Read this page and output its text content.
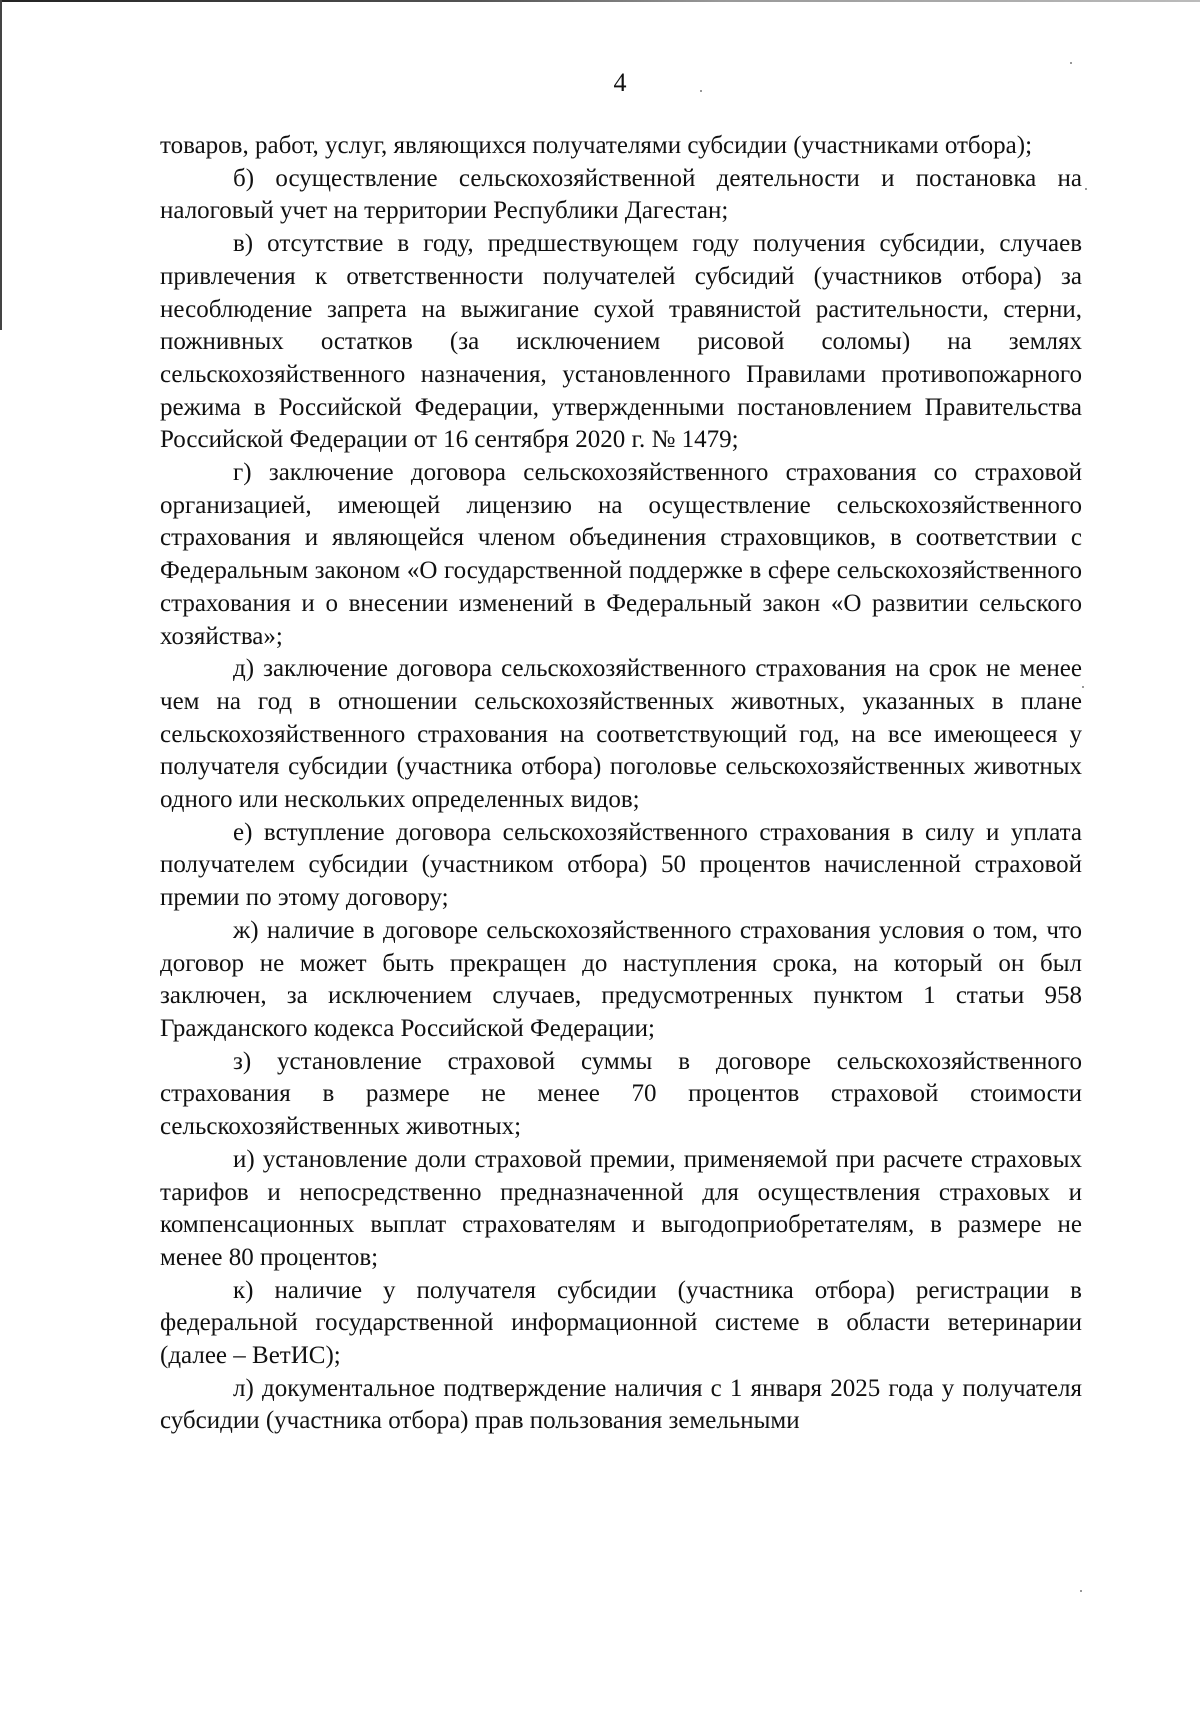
4

товаров, работ, услуг, являющихся получателями субсидии (участниками отбора);

б) осуществление сельскохозяйственной деятельности и постановка на налоговый учет на территории Республики Дагестан;

в) отсутствие в году, предшествующем году получения субсидии, случаев привлечения к ответственности получателей субсидий (участников отбора) за несоблюдение запрета на выжигание сухой травянистой растительности, стерни, пожнивных остатков (за исключением рисовой соломы) на землях сельскохозяйственного назначения, установленного Правилами противопожарного режима в Российской Федерации, утвержденными постановлением Правительства Российской Федерации от 16 сентября 2020 г. № 1479;

г) заключение договора сельскохозяйственного страхования со страховой организацией, имеющей лицензию на осуществление сельскохозяйственного страхования и являющейся членом объединения страховщиков, в соответствии с Федеральным законом «О государственной поддержке в сфере сельскохозяйственного страхования и о внесении изменений в Федеральный закон «О развитии сельского хозяйства»;

д) заключение договора сельскохозяйственного страхования на срок не менее чем на год в отношении сельскохозяйственных животных, указанных в плане сельскохозяйственного страхования на соответствующий год, на все имеющееся у получателя субсидии (участника отбора) поголовье сельскохозяйственных животных одного или нескольких определенных видов;

е) вступление договора сельскохозяйственного страхования в силу и уплата получателем субсидии (участником отбора) 50 процентов начисленной страховой премии по этому договору;

ж) наличие в договоре сельскохозяйственного страхования условия о том, что договор не может быть прекращен до наступления срока, на который он был заключен, за исключением случаев, предусмотренных пунктом 1 статьи 958 Гражданского кодекса Российской Федерации;

з) установление страховой суммы в договоре сельскохозяйственного страхования в размере не менее 70 процентов страховой стоимости сельскохозяйственных животных;

и) установление доли страховой премии, применяемой при расчете страховых тарифов и непосредственно предназначенной для осуществления страховых и компенсационных выплат страхователям и выгодоприобретателям, в размере не менее 80 процентов;

к) наличие у получателя субсидии (участника отбора) регистрации в федеральной государственной информационной системе в области ветеринарии (далее – ВетИС);

л) документальное подтверждение наличия с 1 января 2025 года у получателя субсидии (участника отбора) прав пользования земельными
